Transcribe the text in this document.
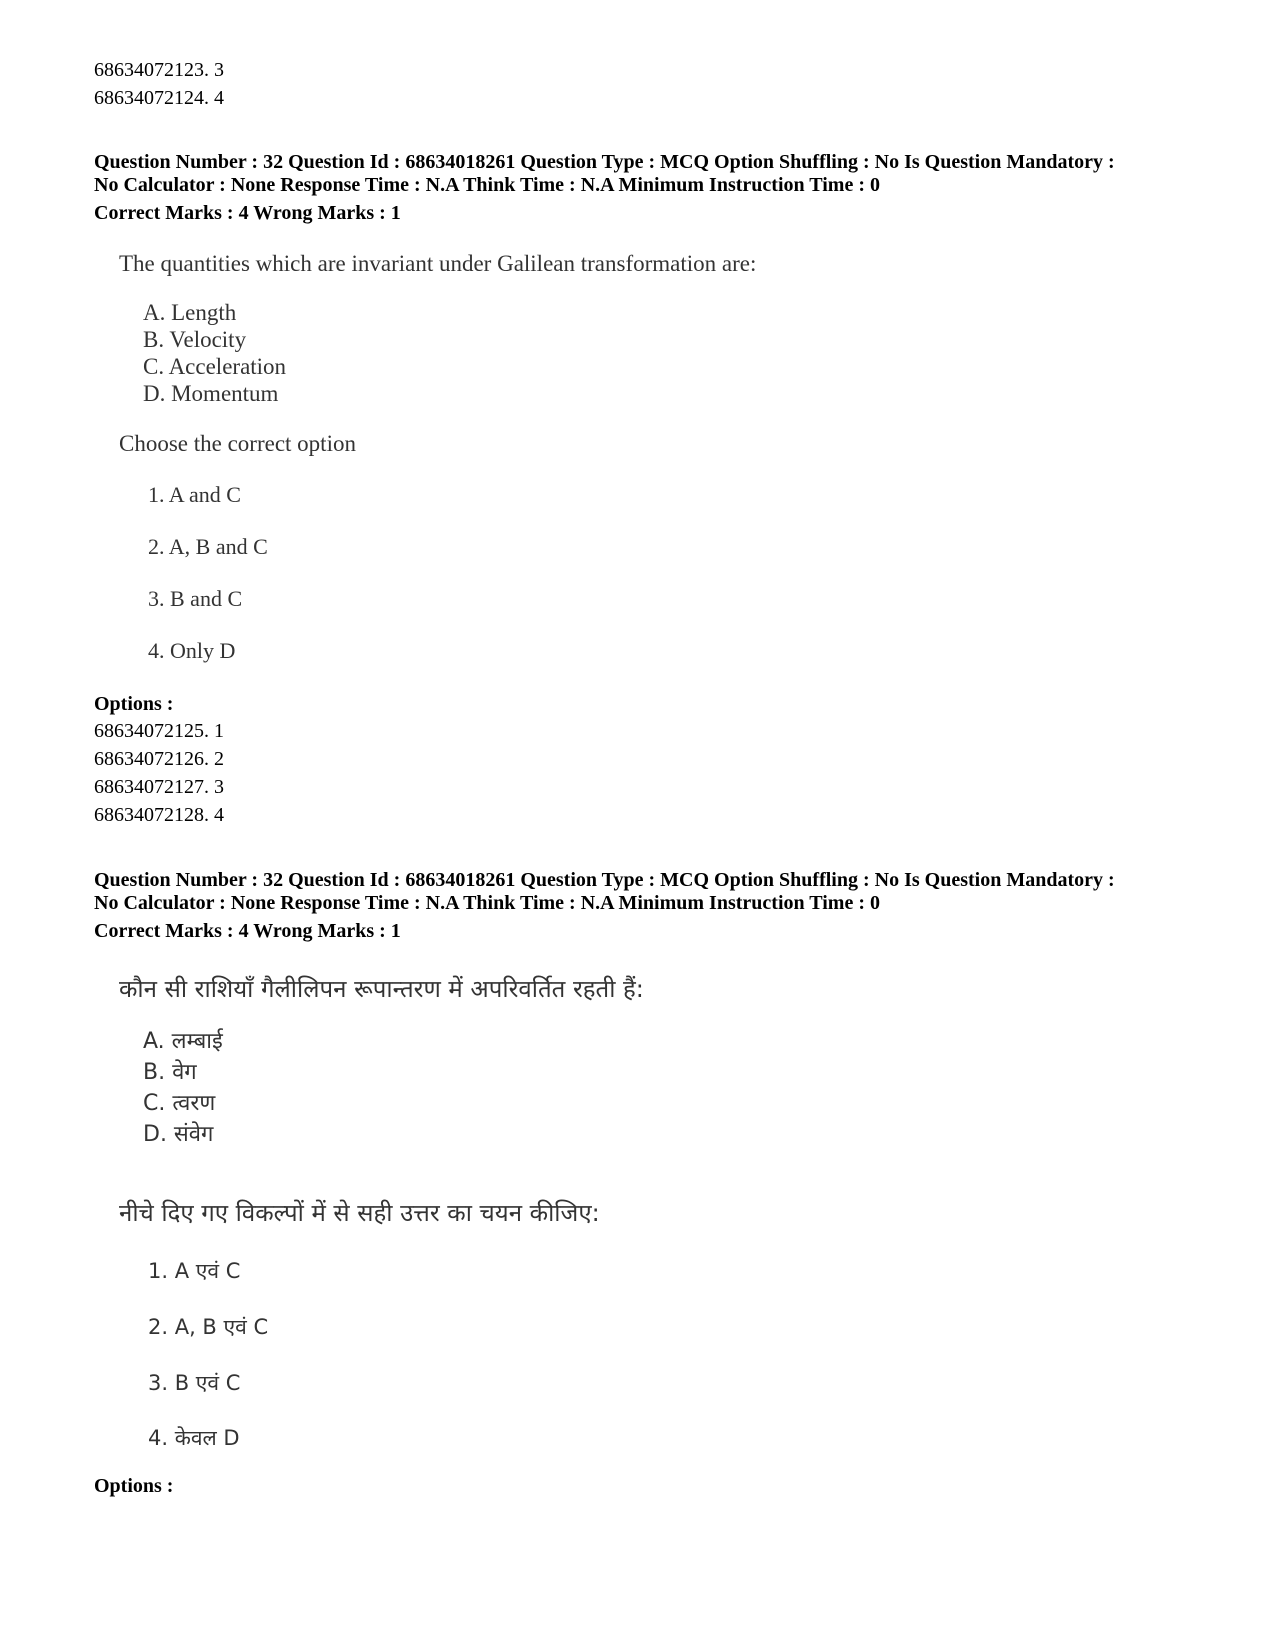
68634072123. 3
68634072124. 4
Question Number : 32 Question Id : 68634018261 Question Type : MCQ Option Shuffling : No Is Question Mandatory :
No Calculator : None Response Time : N.A Think Time : N.A Minimum Instruction Time : 0
Correct Marks : 4 Wrong Marks : 1
The quantities which are invariant under Galilean transformation are:
A. Length
B. Velocity
C. Acceleration
D. Momentum
Choose the correct option
1. A and C
2. A, B and C
3. B and C
4. Only D
Options :
68634072125. 1
68634072126. 2
68634072127. 3
68634072128. 4
Question Number : 32 Question Id : 68634018261 Question Type : MCQ Option Shuffling : No Is Question Mandatory :
No Calculator : None Response Time : N.A Think Time : N.A Minimum Instruction Time : 0
Correct Marks : 4 Wrong Marks : 1
कौन सी राशियाँ गैलीलिपन रूपान्तरण में अपरिवर्तित रहती हैं:
A. लम्बाई
B. वेग
C. त्वरण
D. संवेग
नीचे दिए गए विकल्पों में से सही उत्तर का चयन कीजिए:
1. A एवं C
2. A, B एवं C
3. B एवं C
4. केवल D
Options :
